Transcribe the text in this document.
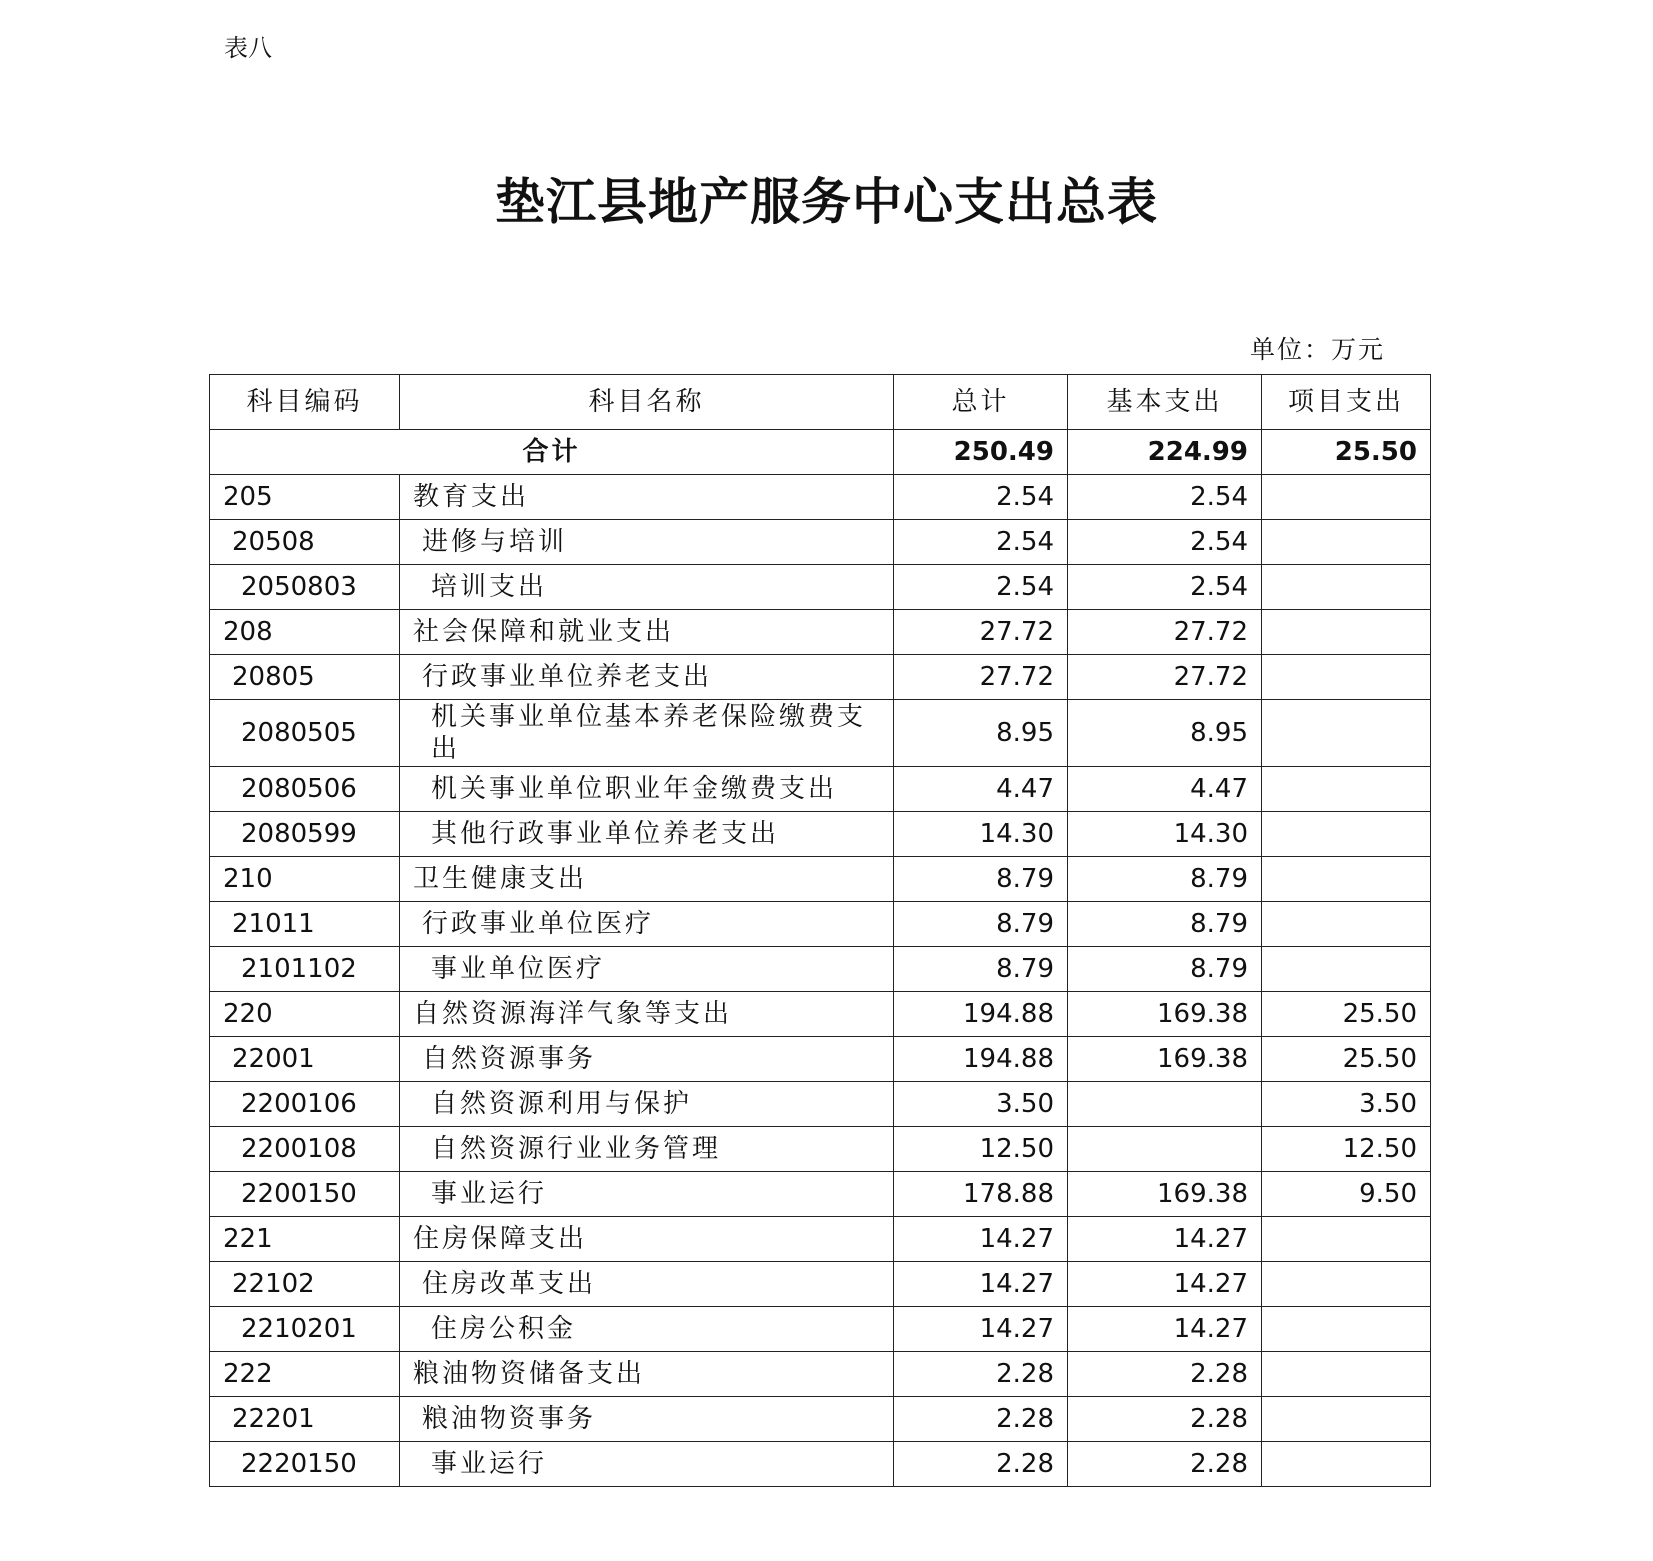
表八
垫江县地产服务中心支出总表
单位：万元
科目编码	科目名称	总计	基本支出	项目支出
合计		250.49	224.99	25.50
205	教育支出	2.54	2.54	
20508	进修与培训	2.54	2.54	
2050803	培训支出	2.54	2.54	
208	社会保障和就业支出	27.72	27.72	
20805	行政事业单位养老支出	27.72	27.72	
2080505	机关事业单位基本养老保险缴费支出	8.95	8.95	
2080506	机关事业单位职业年金缴费支出	4.47	4.47	
2080599	其他行政事业单位养老支出	14.30	14.30	
210	卫生健康支出	8.79	8.79	
21011	行政事业单位医疗	8.79	8.79	
2101102	事业单位医疗	8.79	8.79	
220	自然资源海洋气象等支出	194.88	169.38	25.50
22001	自然资源事务	194.88	169.38	25.50
2200106	自然资源利用与保护	3.50		3.50
2200108	自然资源行业业务管理	12.50		12.50
2200150	事业运行	178.88	169.38	9.50
221	住房保障支出	14.27	14.27	
22102	住房改革支出	14.27	14.27	
2210201	住房公积金	14.27	14.27	
222	粮油物资储备支出	2.28	2.28	
22201	粮油物资事务	2.28	2.28	
2220150	事业运行	2.28	2.28	
